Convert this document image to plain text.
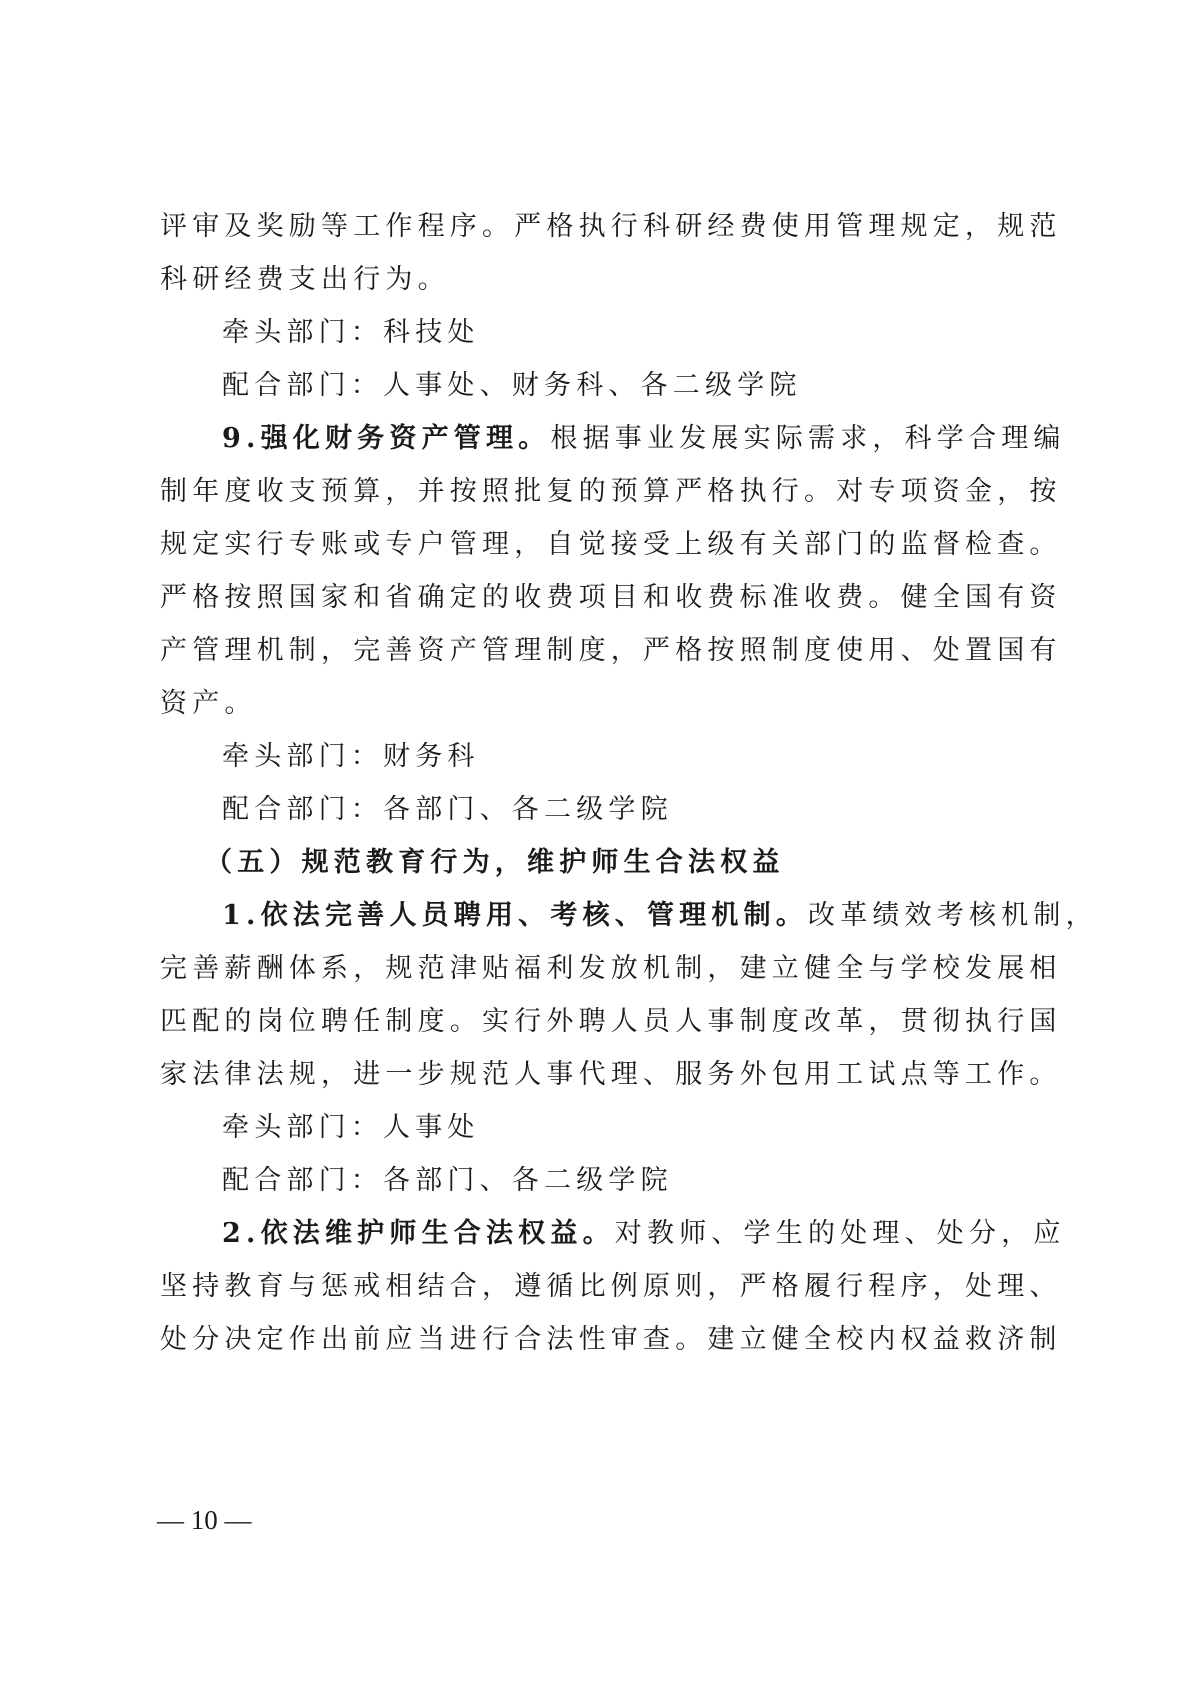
评审及奖励等工作程序。严格执行科研经费使用管理规定，规范

科研经费支出行为。

牵头部门：科技处

配合部门：人事处、财务科、各二级学院

9.强化财务资产管理。根据事业发展实际需求，科学合理编

制年度收支预算，并按照批复的预算严格执行。对专项资金，按

规定实行专账或专户管理，自觉接受上级有关部门的监督检查。

严格按照国家和省确定的收费项目和收费标准收费。健全国有资

产管理机制，完善资产管理制度，严格按照制度使用、处置国有

资产。

牵头部门：财务科

配合部门：各部门、各二级学院

（五）规范教育行为，维护师生合法权益

1.依法完善人员聘用、考核、管理机制。改革绩效考核机制，

完善薪酬体系，规范津贴福利发放机制，建立健全与学校发展相

匹配的岗位聘任制度。实行外聘人员人事制度改革，贯彻执行国

家法律法规，进一步规范人事代理、服务外包用工试点等工作。

牵头部门：人事处

配合部门：各部门、各二级学院

2.依法维护师生合法权益。对教师、学生的处理、处分，应

坚持教育与惩戒相结合，遵循比例原则，严格履行程序，处理、

处分决定作出前应当进行合法性审查。建立健全校内权益救济制

— 10 —
